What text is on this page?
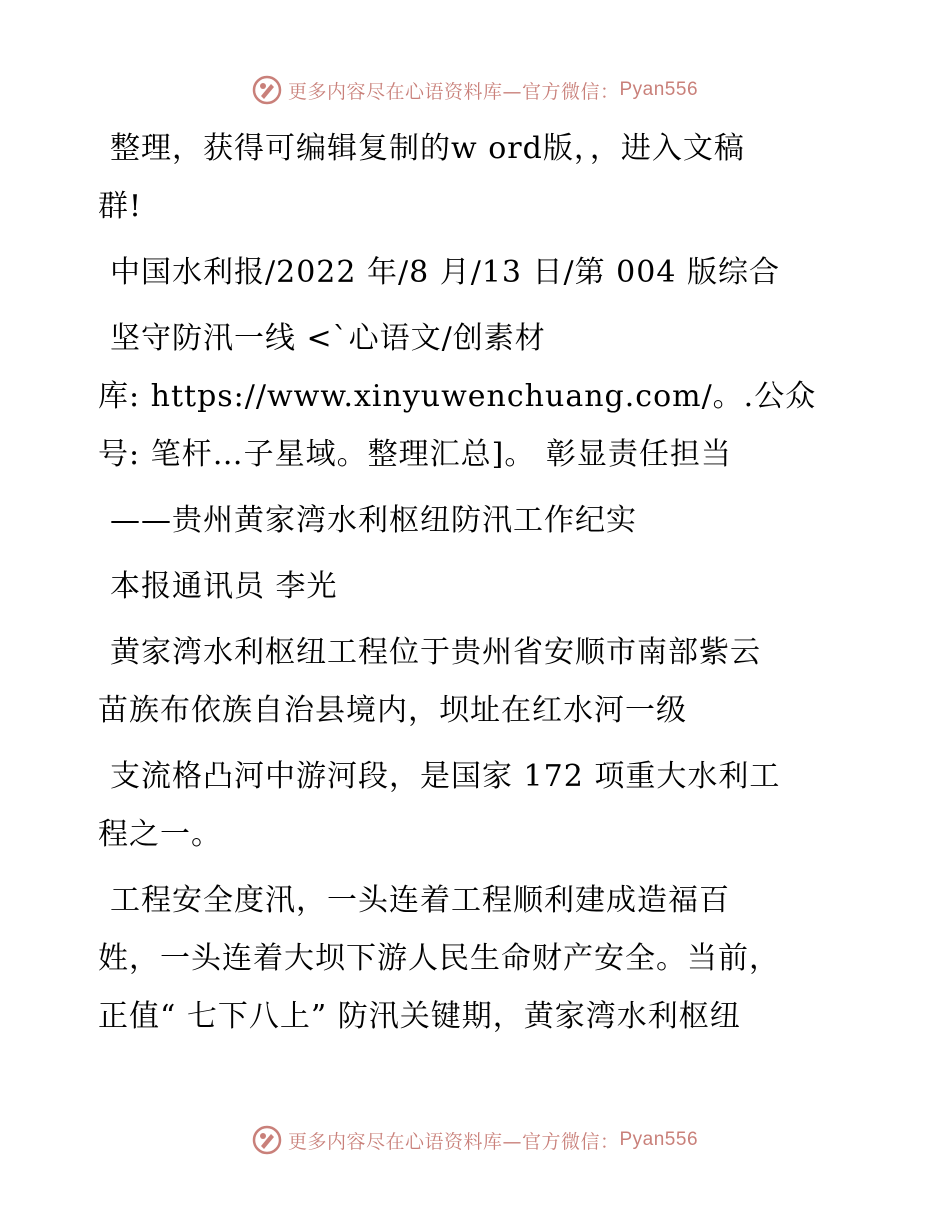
更多内容尽在心语资料库— 官方微信： Pyan556
整理，获得可编辑复制的w ord版，，进入文稿
群!
中国水利报/2022 年/8 月/13 日/第 004 版综合
坚守防汛一线 <`心语文/创素材
库: https://www.xinyuwenchuang.com/。.公众
号: 笔杆…子星域。整理汇总]。 彰显责任担当
——贵州黄家湾水利枢纽防汛工作纪实
本报通讯员 李光
黄家湾水利枢纽工程位于贵州省安顺市南部紫云
苗族布依族自治县境内，坝址在红水河一级
支流格凸河中游河段，是国家 172 项重大水利工
程之一。
工程安全度汛，一头连着工程顺利建成造福百
姓，一头连着大坝下游人民生命财产安全。当前，
正值“ 七下八上” 防汛关键期，黄家湾水利枢纽
更多内容尽在心语资料库— 官方微信： Pyan556
